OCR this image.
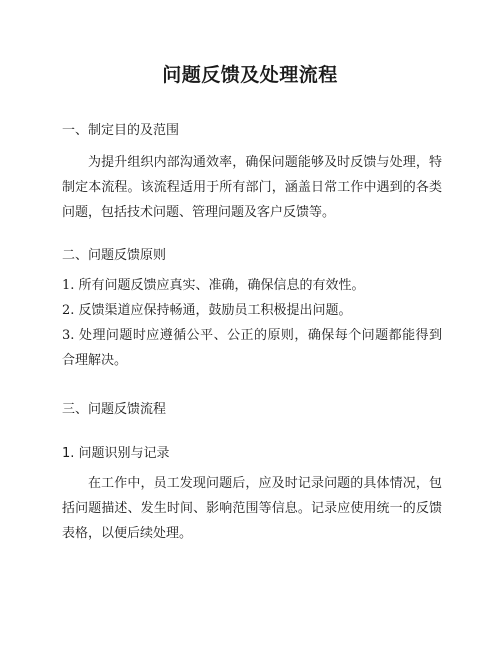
问题反馈及处理流程

一、制定目的及范围

为提升组织内部沟通效率，确保问题能够及时反馈与处理，特制定本流程。该流程适用于所有部门，涵盖日常工作中遇到的各类问题，包括技术问题、管理问题及客户反馈等。

二、问题反馈原则

1. 所有问题反馈应真实、准确，确保信息的有效性。

2. 反馈渠道应保持畅通，鼓励员工积极提出问题。

3. 处理问题时应遵循公平、公正的原则，确保每个问题都能得到合理解决。

三、问题反馈流程

1. 问题识别与记录

在工作中，员工发现问题后，应及时记录问题的具体情况，包括问题描述、发生时间、影响范围等信息。记录应使用统一的反馈表格，以便后续处理。
